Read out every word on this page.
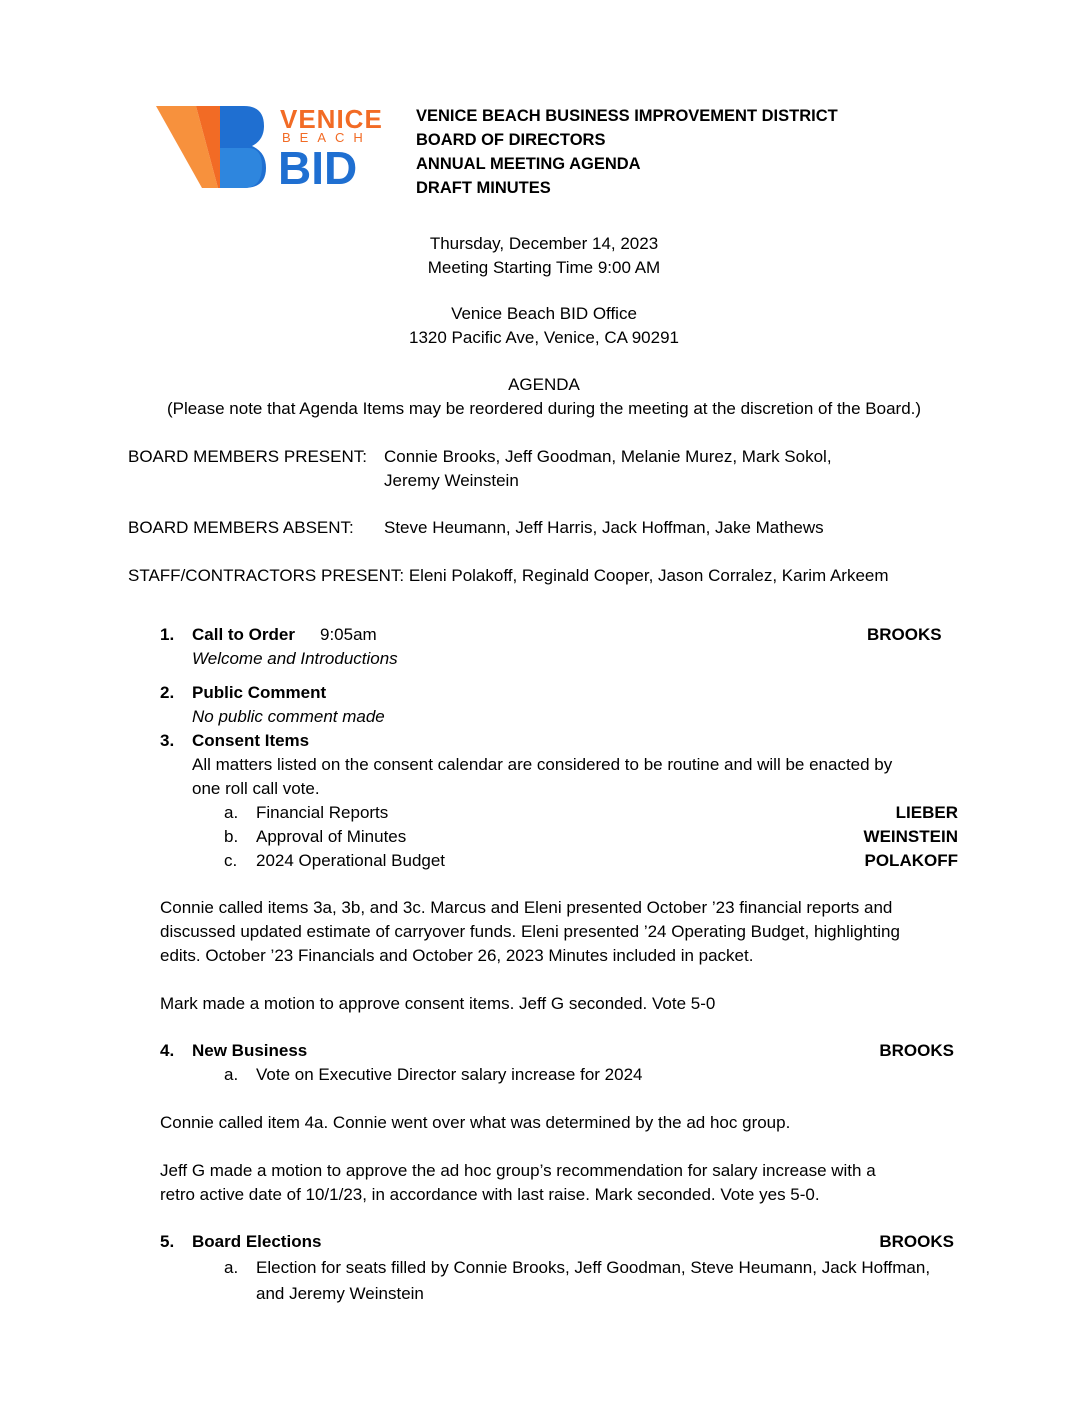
VENICE
BEACH
BID
VENICE BEACH BUSINESS IMPROVEMENT DISTRICT
BOARD OF DIRECTORS
ANNUAL MEETING AGENDA
DRAFT MINUTES
Thursday, December 14, 2023
Meeting Starting Time 9:00 AM
Venice Beach BID Office
1320 Pacific Ave, Venice, CA 90291
AGENDA
(Please note that Agenda Items may be reordered during the meeting at the discretion of the Board.)
BOARD MEMBERS PRESENT: Connie Brooks, Jeff Goodman, Melanie Murez, Mark Sokol,
Jeremy Weinstein
BOARD MEMBERS ABSENT: Steve Heumann, Jeff Harris, Jack Hoffman, Jake Mathews
STAFF/CONTRACTORS PRESENT: Eleni Polakoff, Reginald Cooper, Jason Corralez, Karim Arkeem
1. Call to Order 9:05am	BROOKS
Welcome and Introductions
2. Public Comment
No public comment made
3. Consent Items
All matters listed on the consent calendar are considered to be routine and will be enacted by
one roll call vote.
a. Financial Reports	LIEBER
b. Approval of Minutes	WEINSTEIN
c. 2024 Operational Budget	POLAKOFF
Connie called items 3a, 3b, and 3c. Marcus and Eleni presented October ’23 financial reports and
discussed updated estimate of carryover funds. Eleni presented ’24 Operating Budget, highlighting
edits. October ’23 Financials and October 26, 2023 Minutes included in packet.
Mark made a motion to approve consent items. Jeff G seconded. Vote 5-0
4. New Business	BROOKS
a. Vote on Executive Director salary increase for 2024
Connie called item 4a. Connie went over what was determined by the ad hoc group.
Jeff G made a motion to approve the ad hoc group’s recommendation for salary increase with a
retro active date of 10/1/23, in accordance with last raise. Mark seconded. Vote yes 5-0.
5. Board Elections	BROOKS
a. Election for seats filled by Connie Brooks, Jeff Goodman, Steve Heumann, Jack Hoffman,
and Jeremy Weinstein
